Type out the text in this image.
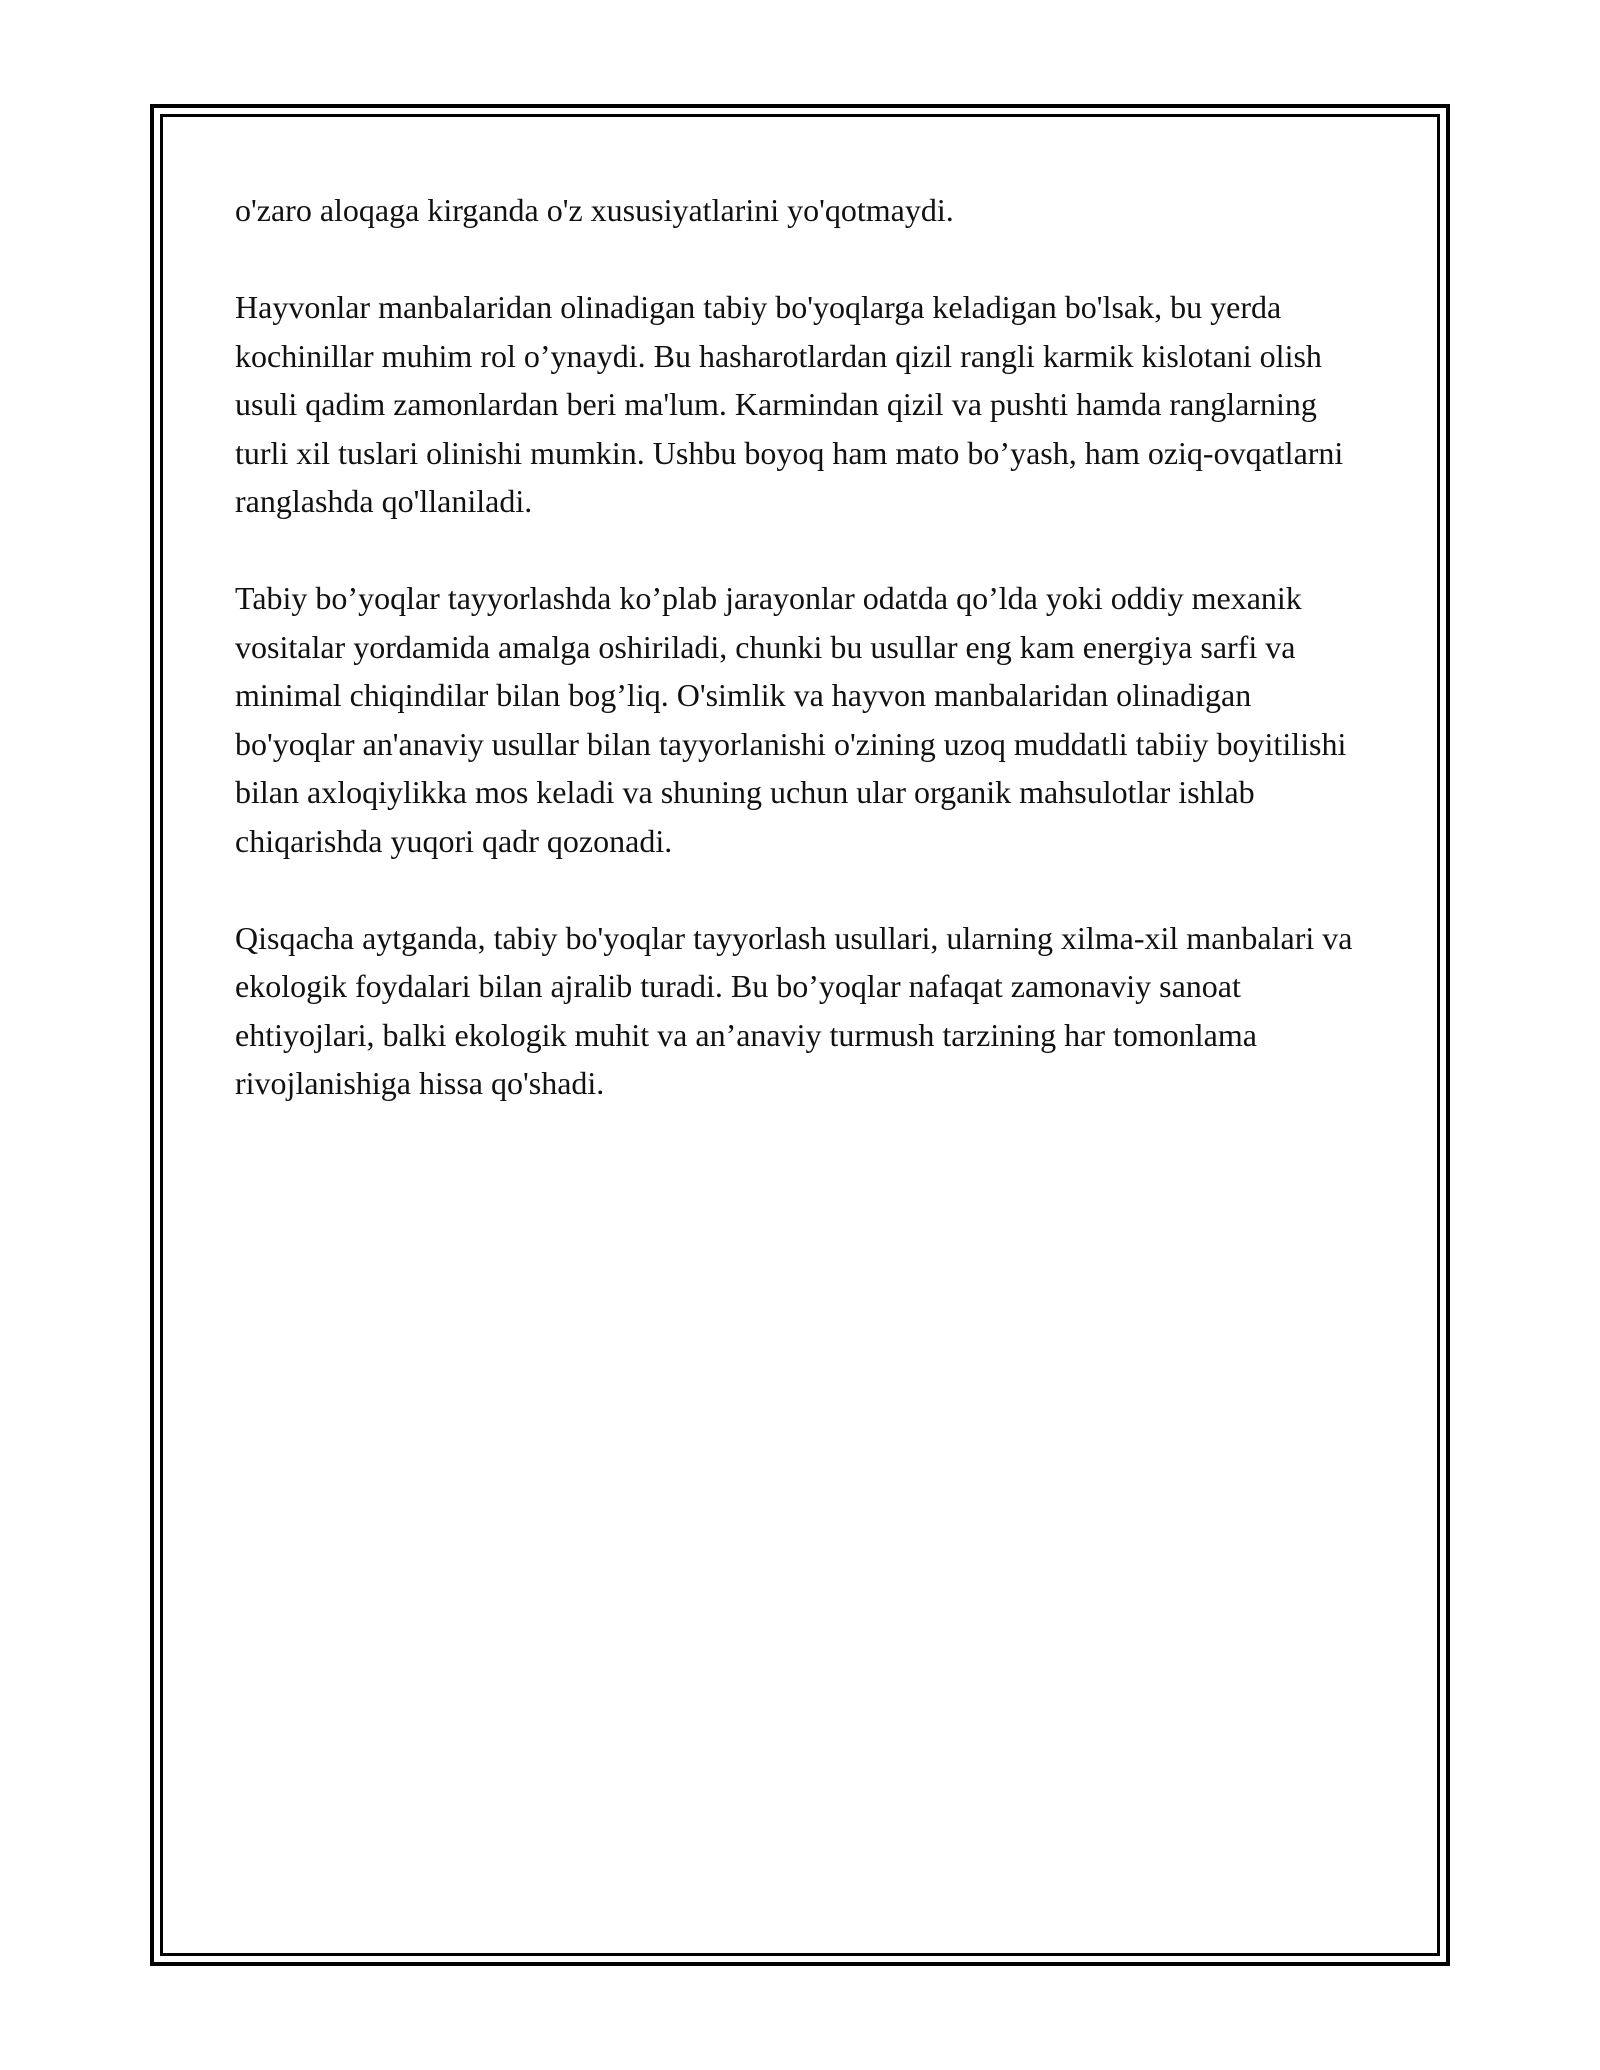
o'zaro aloqaga kirganda o'z xususiyatlarini yo'qotmaydi.

Hayvonlar manbalaridan olinadigan tabiy bo'yoqlarga keladigan bo'lsak, bu yerda kochinillar muhim rol o’ynaydi. Bu hasharotlardan qizil rangli karmik kislotani olish usuli qadim zamonlardan beri ma'lum. Karmindan qizil va pushti hamda ranglarning turli xil tuslari olinishi mumkin. Ushbu boyoq ham mato bo’yash, ham oziq-ovqatlarni ranglashda qo'llaniladi.

Tabiy bo’yoqlar tayyorlashda ko’plab jarayonlar odatda qo’lda yoki oddiy mexanik vositalar yordamida amalga oshiriladi, chunki bu usullar eng kam energiya sarfi va minimal chiqindilar bilan bog’liq. O'simlik va hayvon manbalaridan olinadigan bo'yoqlar an'anaviy usullar bilan tayyorlanishi o'zining uzoq muddatli tabiiy boyitilishi bilan axloqiylikka mos keladi va shuning uchun ular organik mahsulotlar ishlab chiqarishda yuqori qadr qozonadi.

Qisqacha aytganda, tabiy bo'yoqlar tayyorlash usullari, ularning xilma-xil manbalari va ekologik foydalari bilan ajralib turadi. Bu bo’yoqlar nafaqat zamonaviy sanoat ehtiyojlari, balki ekologik muhit va an’anaviy turmush tarzining har tomonlama rivojlanishiga hissa qo'shadi.
